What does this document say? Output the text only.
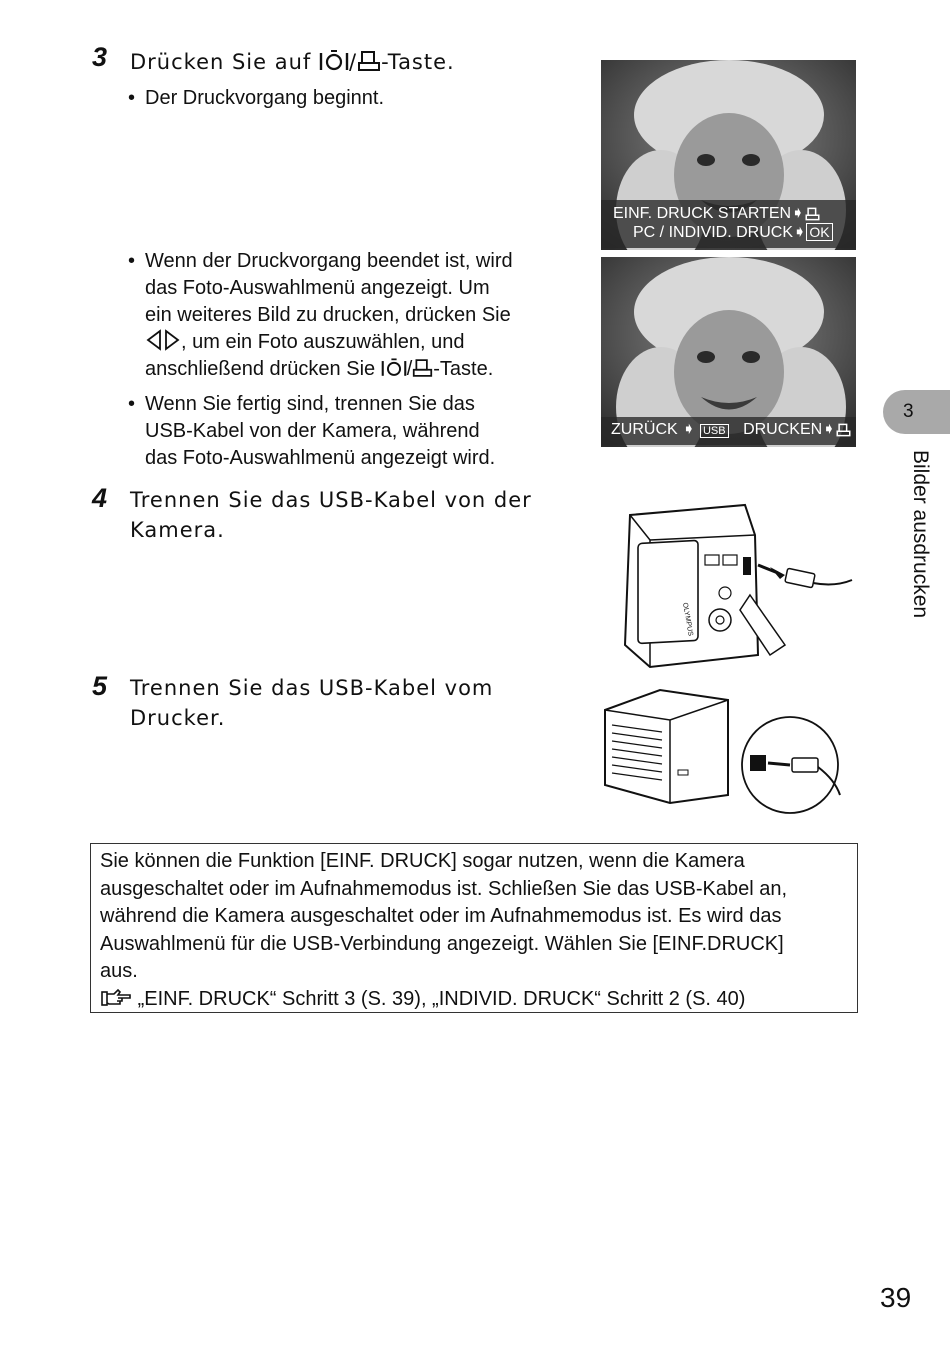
3 Drücken Sie auf / -Taste.
• Der Druckvorgang beginnt.
• Wenn der Druckvorgang beendet ist, wird
das Foto-Auswahlmenü angezeigt. Um
ein weiteres Bild zu drucken, drücken Sie
, um ein Foto auszuwählen, und
anschließend drücken Sie / -Taste.
• Wenn Sie fertig sind, trennen Sie das
USB-Kabel von der Kamera, während
das Foto-Auswahlmenü angezeigt wird.
4 Trennen Sie das USB-Kabel von der
Kamera.
5 Trennen Sie das USB-Kabel vom
Drucker.
EINF. DRUCK STARTEN➧
PC / INDIVID. DRUCK➧ OK
ZURÜCK ➧ USB DRUCKEN➧
OLYMPUS
Sie können die Funktion [EINF. DRUCK] sogar nutzen, wenn die Kamera
ausgeschaltet oder im Aufnahmemodus ist. Schließen Sie das USB-Kabel an,
während die Kamera ausgeschaltet oder im Aufnahmemodus ist. Es wird das
Auswahlmenü für die USB-Verbindung angezeigt. Wählen Sie [EINF.DRUCK]
aus.
„EINF. DRUCK“ Schritt 3 (S. 39), „INDIVID. DRUCK“ Schritt 2 (S. 40)
3
Bilder ausdrucken
39
